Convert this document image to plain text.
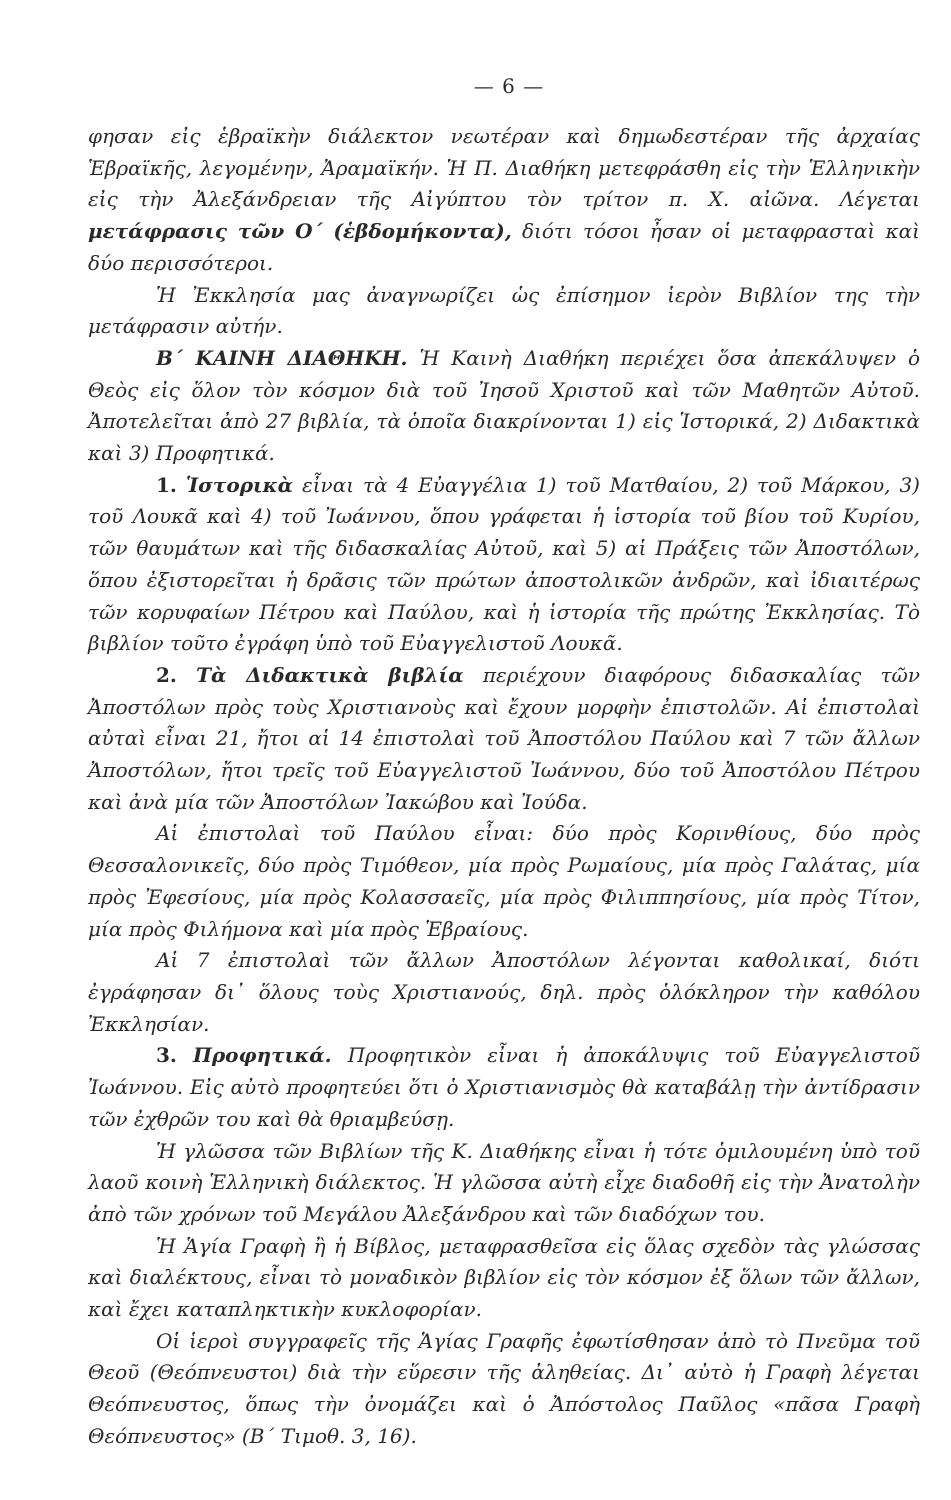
— 6 —

φησαν εἰς ἑβραϊκὴν διάλεκτον νεωτέραν καὶ δημωδεστέραν τῆς ἀρχαίας Ἑβραϊκῆς, λεγομένην, Ἀραμαϊκήν. Ἡ Π. Διαθήκη μετεφράσθη εἰς τὴν Ἑλληνικὴν εἰς τὴν Ἀλεξάνδρειαν τῆς Αἰγύπτου τὸν τρίτον π. Χ. αἰῶνα. Λέγεται μετάφρασις τῶν Ο΄ (ἑβδομήκοντα), διότι τόσοι ἦσαν οἱ μεταφρασταὶ καὶ δύο περισσότεροι.

Ἡ Ἐκκλησία μας ἀναγνωρίζει ὡς ἐπίσημον ἱερὸν Βιβλίον της τὴν μετάφρασιν αὐτήν.

Β΄ ΚΑΙΝΗ ΔΙΑΘΗΚΗ. Ἡ Καινὴ Διαθήκη περιέχει ὅσα ἀπεκάλυψεν ὁ Θεὸς εἰς ὅλον τὸν κόσμον διὰ τοῦ Ἰησοῦ Χριστοῦ καὶ τῶν Μαθητῶν Αὐτοῦ. Ἀποτελεῖται ἀπὸ 27 βιβλία, τὰ ὁποῖα διακρίνονται 1) εἰς Ἱστορικά, 2) Διδακτικὰ καὶ 3) Προφητικά.

1. Ἱστορικὰ εἶναι τὰ 4 Εὐαγγέλια 1) τοῦ Ματθαίου, 2) τοῦ Μάρκου, 3) τοῦ Λουκᾶ καὶ 4) τοῦ Ἰωάννου, ὅπου γράφεται ἡ ἱστορία τοῦ βίου τοῦ Κυρίου, τῶν θαυμάτων καὶ τῆς διδασκαλίας Αὐτοῦ, καὶ 5) αἱ Πράξεις τῶν Ἀποστόλων, ὅπου ἐξιστορεῖται ἡ δρᾶσις τῶν πρώτων ἀποστολικῶν ἀνδρῶν, καὶ ἰδιαιτέρως τῶν κορυφαίων Πέτρου καὶ Παύλου, καὶ ἡ ἱστορία τῆς πρώτης Ἐκκλησίας. Τὸ βιβλίον τοῦτο ἐγράφη ὑπὸ τοῦ Εὐαγγελιστοῦ Λουκᾶ.

2. Τὰ Διδακτικὰ βιβλία περιέχουν διαφόρους διδασκαλίας τῶν Ἀποστόλων πρὸς τοὺς Χριστιανοὺς καὶ ἔχουν μορφὴν ἐπιστολῶν. Αἱ ἐπιστολαὶ αὐταὶ εἶναι 21, ἤτοι αἱ 14 ἐπιστολαὶ τοῦ Ἀποστόλου Παύλου καὶ 7 τῶν ἄλλων Ἀποστόλων, ἤτοι τρεῖς τοῦ Εὐαγγελιστοῦ Ἰωάννου, δύο τοῦ Ἀποστόλου Πέτρου καὶ ἀνὰ μία τῶν Ἀποστόλων Ἰακώβου καὶ Ἰούδα.

Αἱ ἐπιστολαὶ τοῦ Παύλου εἶναι: δύο πρὸς Κορινθίους, δύο πρὸς Θεσσαλονικεῖς, δύο πρὸς Τιμόθεον, μία πρὸς Ρωμαίους, μία πρὸς Γαλάτας, μία πρὸς Ἐφεσίους, μία πρὸς Κολασσαεῖς, μία πρὸς Φιλιππησίους, μία πρὸς Τίτον, μία πρὸς Φιλήμονα καὶ μία πρὸς Ἑβραίους.

Αἱ 7 ἐπιστολαὶ τῶν ἄλλων Ἀποστόλων λέγονται καθολικαί, διότι ἐγράφησαν δι᾿ ὅλους τοὺς Χριστιανούς, δηλ. πρὸς ὁλόκληρον τὴν καθόλου Ἐκκλησίαν.

3. Προφητικά. Προφητικὸν εἶναι ἡ ἀποκάλυψις τοῦ Εὐαγγελιστοῦ Ἰωάννου. Εἰς αὐτὸ προφητεύει ὅτι ὁ Χριστιανισμὸς θὰ καταβάλῃ τὴν ἀντίδρασιν τῶν ἐχθρῶν του καὶ θὰ θριαμβεύσῃ.

Ἡ γλῶσσα τῶν Βιβλίων τῆς Κ. Διαθήκης εἶναι ἡ τότε ὁμιλουμένη ὑπὸ τοῦ λαοῦ κοινὴ Ἑλληνικὴ διάλεκτος. Ἡ γλῶσσα αὐτὴ εἶχε διαδοθῆ εἰς τὴν Ἀνατολὴν ἀπὸ τῶν χρόνων τοῦ Μεγάλου Ἀλεξάνδρου καὶ τῶν διαδόχων του.

Ἡ Ἁγία Γραφὴ ἢ ἡ Βίβλος, μεταφρασθεῖσα εἰς ὅλας σχεδὸν τὰς γλώσσας καὶ διαλέκτους, εἶναι τὸ μοναδικὸν βιβλίον εἰς τὸν κόσμον ἐξ ὅλων τῶν ἄλλων, καὶ ἔχει καταπληκτικὴν κυκλοφορίαν.

Οἱ ἱεροὶ συγγραφεῖς τῆς Ἁγίας Γραφῆς ἐφωτίσθησαν ἀπὸ τὸ Πνεῦμα τοῦ Θεοῦ (Θεόπνευστοι) διὰ τὴν εὕρεσιν τῆς ἀληθείας. Δι᾿ αὐτὸ ἡ Γραφὴ λέγεται Θεόπνευστος, ὅπως τὴν ὀνομάζει καὶ ὁ Ἀπόστολος Παῦλος «πᾶσα Γραφὴ Θεόπνευστος» (Β΄ Τιμοθ. 3, 16).
